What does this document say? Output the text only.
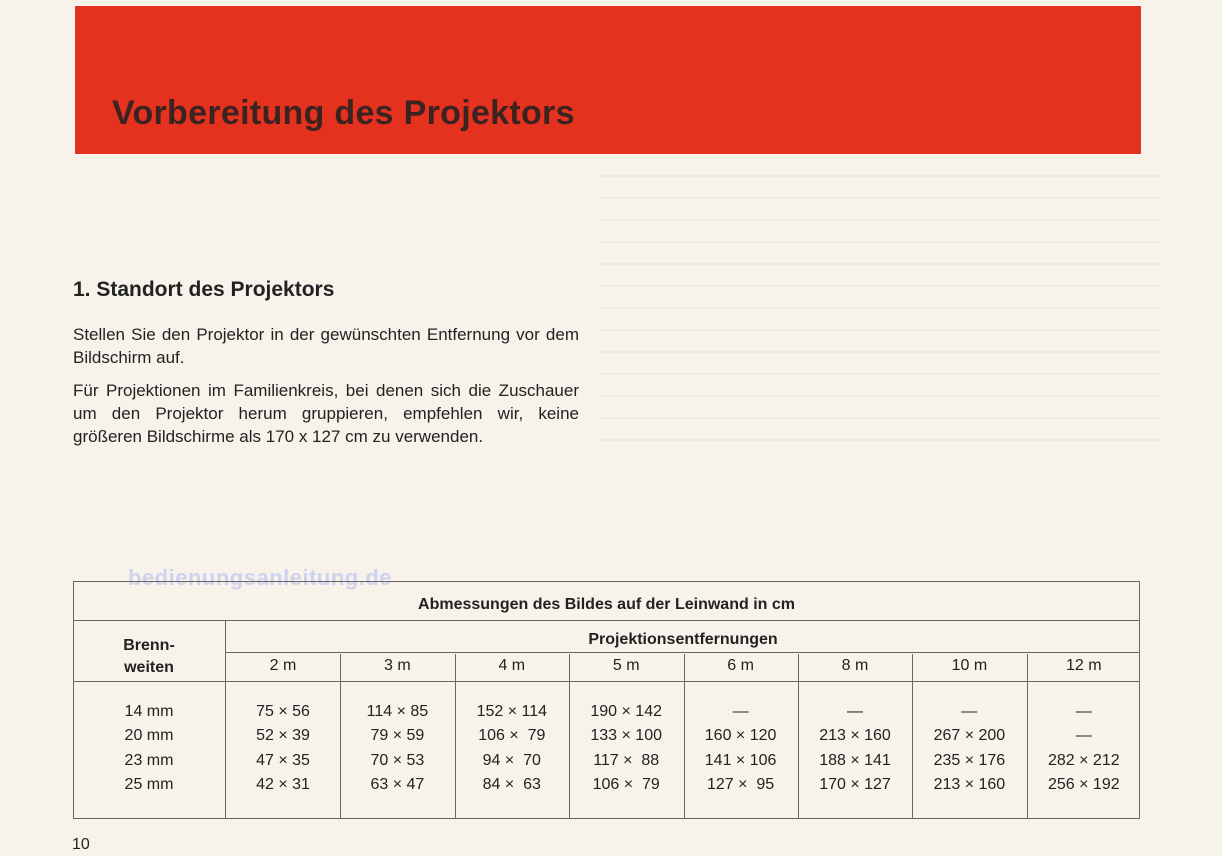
Vorbereitung des Projektors

bedienungsanleitung.de

1. Standort des Projektors

Stellen Sie den Projektor in der gewünschten Entfernung vor dem Bildschirm auf.

Für Projektionen im Familienkreis, bei denen sich die Zuschauer um den Projektor herum gruppieren, empfehlen wir, keine größeren Bildschirme als 170 x 127 cm zu verwenden.

Abmessungen des Bildes auf der Leinwand in cm
Brenn-
weiten
Projektionsentfernungen
2 m	3 m	4 m	5 m	6 m	8 m	10 m	12 m
14 mm	75 × 56	114 × 85	152 × 114	190 × 142	—	—	—	—
20 mm	52 × 39	79 × 59	106 ×  79	133 × 100	160 × 120	213 × 160	267 × 200	—
23 mm	47 × 35	70 × 53	94 ×  70	117 ×  88	141 × 106	188 × 141	235 × 176	282 × 212
25 mm	42 × 31	63 × 47	84 ×  63	106 ×  79	127 ×  95	170 × 127	213 × 160	256 × 192

10
